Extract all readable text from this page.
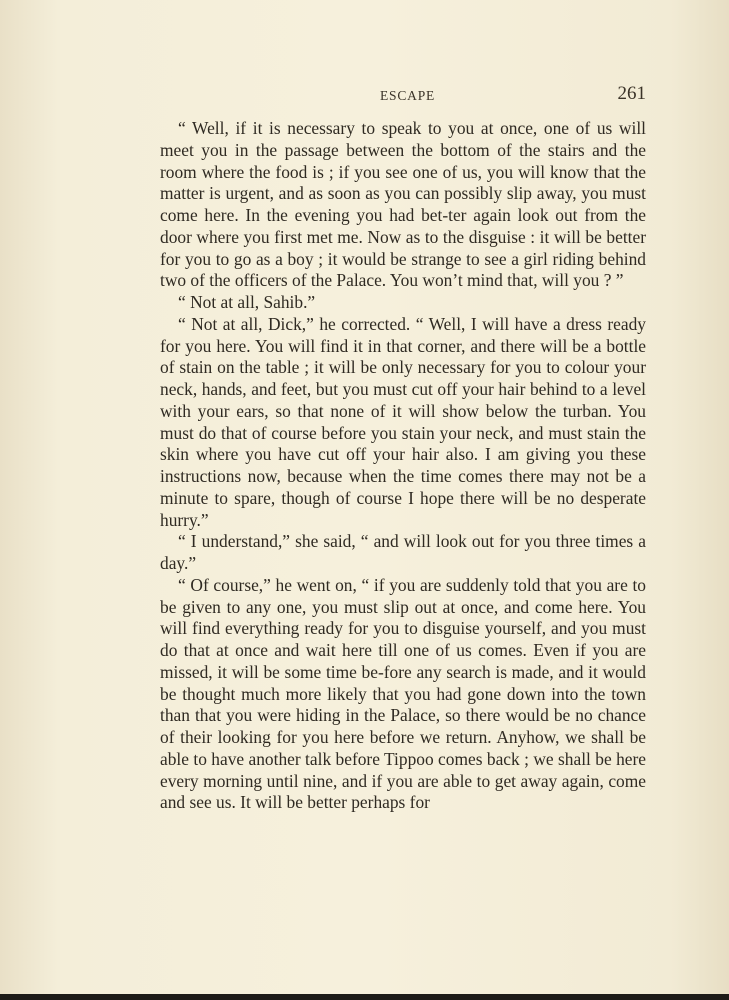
ESCAPE	261

“ Well, if it is necessary to speak to you at once, one of us will meet you in the passage between the bottom of the stairs and the room where the food is ; if you see one of us, you will know that the matter is urgent, and as soon as you can possibly slip away, you must come here. In the evening you had bet-ter again look out from the door where you first met me. Now as to the disguise : it will be better for you to go as a boy ; it would be strange to see a girl riding behind two of the officers of the Palace. You won’t mind that, will you ? ”

“ Not at all, Sahib.”

“ Not at all, Dick,” he corrected. “ Well, I will have a dress ready for you here. You will find it in that corner, and there will be a bottle of stain on the table ; it will be only necessary for you to colour your neck, hands, and feet, but you must cut off your hair behind to a level with your ears, so that none of it will show below the turban. You must do that of course before you stain your neck, and must stain the skin where you have cut off your hair also. I am giving you these instructions now, because when the time comes there may not be a minute to spare, though of course I hope there will be no desperate hurry.”

“ I understand,” she said, “ and will look out for you three times a day.”

“ Of course,” he went on, “ if you are suddenly told that you are to be given to any one, you must slip out at once, and come here. You will find everything ready for you to disguise yourself, and you must do that at once and wait here till one of us comes. Even if you are missed, it will be some time be-fore any search is made, and it would be thought much more likely that you had gone down into the town than that you were hiding in the Palace, so there would be no chance of their looking for you here before we return. Anyhow, we shall be able to have another talk before Tippoo comes back ; we shall be here every morning until nine, and if you are able to get away again, come and see us. It will be better perhaps for
